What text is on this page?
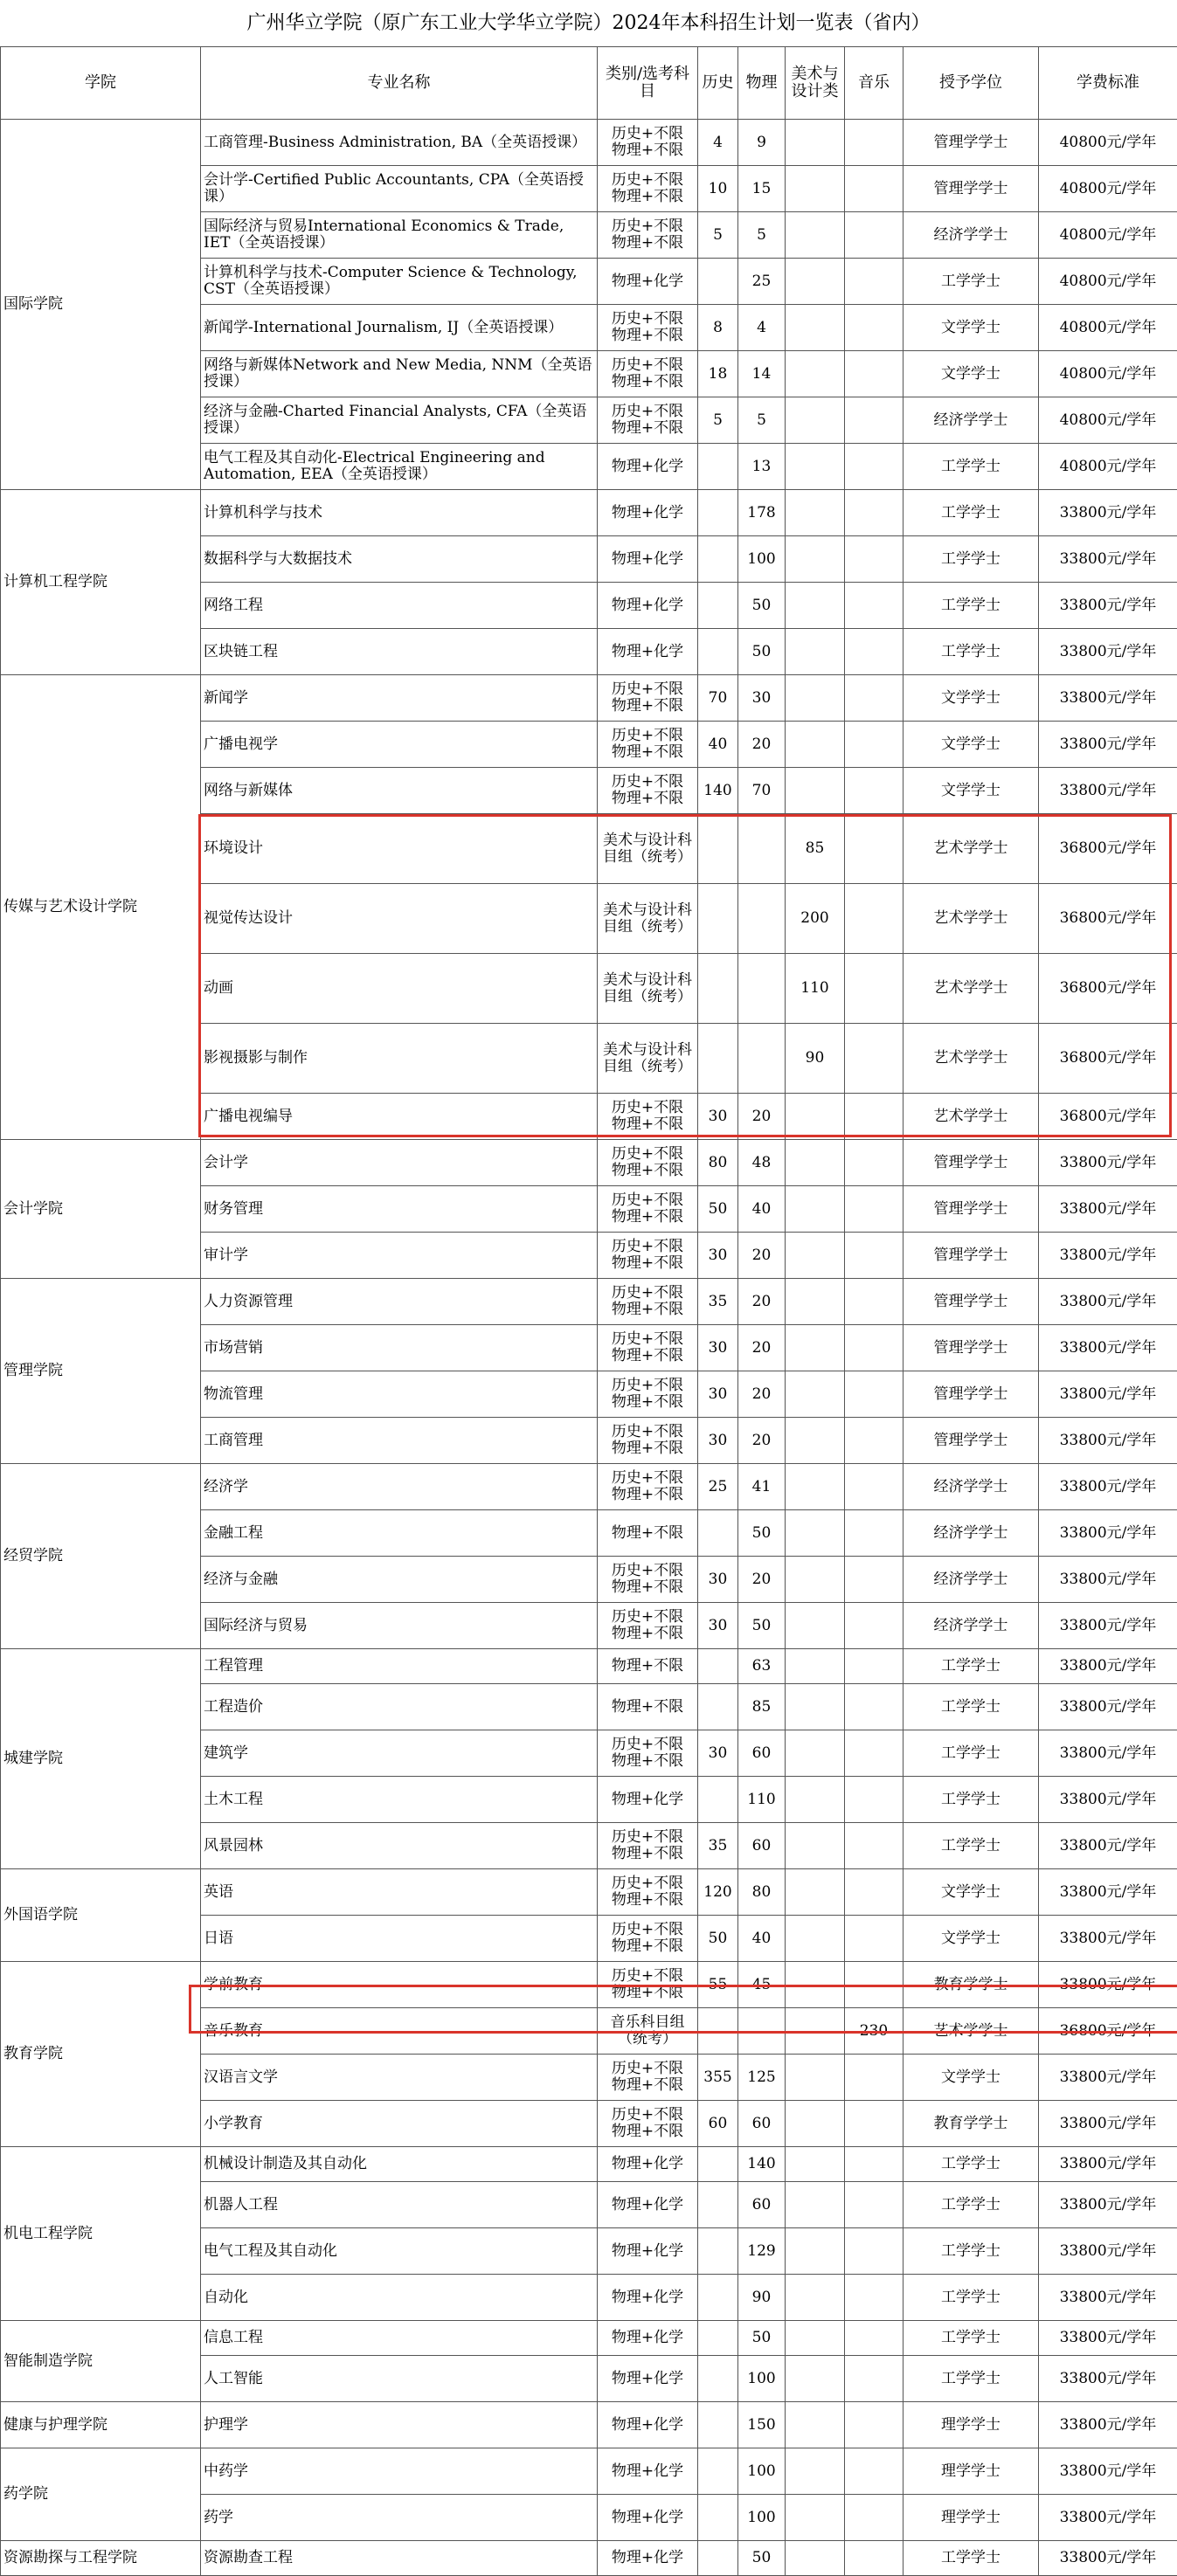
广州华立学院（原广东工业大学华立学院）2024年本科招生计划一览表（省内）
学院	专业名称	类别/选考科目	历史	物理	美术与设计类	音乐	授予学位	学费标准
国际学院	工商管理-Business Administration, BA（全英语授课）	历史+不限
物理+不限	4	9			管理学学士	40800元/学年
	会计学-Certified Public Accountants, CPA（全英语授课）	历史+不限
物理+不限	10	15			管理学学士	40800元/学年
	国际经济与贸易International Economics & Trade, IET（全英语授课）	历史+不限
物理+不限	5	5			经济学学士	40800元/学年
	计算机科学与技术-Computer Science & Technology, CST（全英语授课）	物理+化学		25			工学学士	40800元/学年
	新闻学-International Journalism, IJ（全英语授课）	历史+不限
物理+不限	8	4			文学学士	40800元/学年
	网络与新媒体Network and New Media, NNM（全英语授课）	历史+不限
物理+不限	18	14			文学学士	40800元/学年
	经济与金融-Charted Financial Analysts, CFA（全英语授课）	历史+不限
物理+不限	5	5			经济学学士	40800元/学年
	电气工程及其自动化-Electrical Engineering and Automation, EEA（全英语授课）	物理+化学		13			工学学士	40800元/学年
计算机工程学院	计算机科学与技术	物理+化学		178			工学学士	33800元/学年
	数据科学与大数据技术	物理+化学		100			工学学士	33800元/学年
	网络工程	物理+化学		50			工学学士	33800元/学年
	区块链工程	物理+化学		50			工学学士	33800元/学年
传媒与艺术设计学院	新闻学	历史+不限
物理+不限	70	30			文学学士	33800元/学年
	广播电视学	历史+不限
物理+不限	40	20			文学学士	33800元/学年
	网络与新媒体	历史+不限
物理+不限	140	70			文学学士	33800元/学年
	环境设计	美术与设计科目组（统考）			85		艺术学学士	36800元/学年
	视觉传达设计	美术与设计科目组（统考）			200		艺术学学士	36800元/学年
	动画	美术与设计科目组（统考）			110		艺术学学士	36800元/学年
	影视摄影与制作	美术与设计科目组（统考）			90		艺术学学士	36800元/学年
	广播电视编导	历史+不限
物理+不限	30	20			艺术学学士	36800元/学年
会计学院	会计学	历史+不限
物理+不限	80	48			管理学学士	33800元/学年
	财务管理	历史+不限
物理+不限	50	40			管理学学士	33800元/学年
	审计学	历史+不限
物理+不限	30	20			管理学学士	33800元/学年
管理学院	人力资源管理	历史+不限
物理+不限	35	20			管理学学士	33800元/学年
	市场营销	历史+不限
物理+不限	30	20			管理学学士	33800元/学年
	物流管理	历史+不限
物理+不限	30	20			管理学学士	33800元/学年
	工商管理	历史+不限
物理+不限	30	20			管理学学士	33800元/学年
经贸学院	经济学	历史+不限
物理+不限	25	41			经济学学士	33800元/学年
	金融工程	物理+不限		50			经济学学士	33800元/学年
	经济与金融	历史+不限
物理+不限	30	20			经济学学士	33800元/学年
	国际经济与贸易	历史+不限
物理+不限	30	50			经济学学士	33800元/学年
城建学院	工程管理	物理+不限		63			工学学士	33800元/学年
	工程造价	物理+不限		85			工学学士	33800元/学年
	建筑学	历史+不限
物理+不限	30	60			工学学士	33800元/学年
	土木工程	物理+化学		110			工学学士	33800元/学年
	风景园林	历史+不限
物理+不限	35	60			工学学士	33800元/学年
外国语学院	英语	历史+不限
物理+不限	120	80			文学学士	33800元/学年
	日语	历史+不限
物理+不限	50	40			文学学士	33800元/学年
教育学院	学前教育	历史+不限
物理+不限	55	45			教育学学士	33800元/学年
	音乐教育	音乐科目组（统考）				230	艺术学学士	36800元/学年
	汉语言文学	历史+不限
物理+不限	355	125			文学学士	33800元/学年
	小学教育	历史+不限
物理+不限	60	60			教育学学士	33800元/学年
机电工程学院	机械设计制造及其自动化	物理+化学		140			工学学士	33800元/学年
	机器人工程	物理+化学		60			工学学士	33800元/学年
	电气工程及其自动化	物理+化学		129			工学学士	33800元/学年
	自动化	物理+化学		90			工学学士	33800元/学年
智能制造学院	信息工程	物理+化学		50			工学学士	33800元/学年
	人工智能	物理+化学		100			工学学士	33800元/学年
健康与护理学院	护理学	物理+化学		150			理学学士	33800元/学年
药学院	中药学	物理+化学		100			理学学士	33800元/学年
	药学	物理+化学		100			理学学士	33800元/学年
资源勘探与工程学院	资源勘查工程	物理+化学		50			工学学士	33800元/学年
